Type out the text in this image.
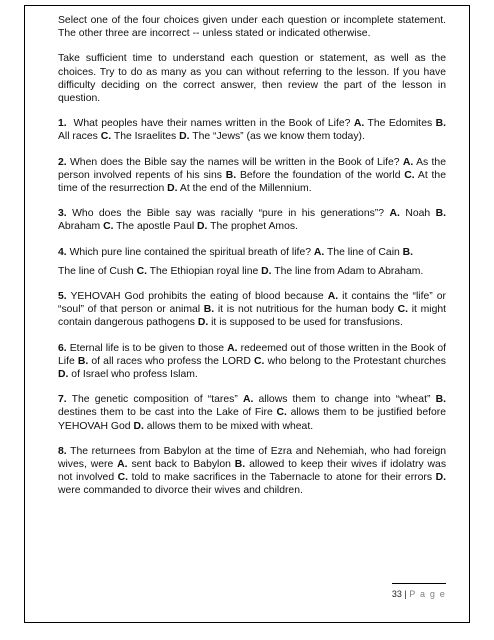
Select one of the four choices given under each question or incomplete statement. The other three are incorrect -- unless stated or indicated otherwise.

Take sufficient time to understand each question or statement, as well as the choices. Try to do as many as you can without referring to the lesson. If you have difficulty deciding on the correct answer, then review the part of the lesson in question.

1. What peoples have their names written in the Book of Life? A. The Edomites B. All races C. The Israelites D. The “Jews” (as we know them today).

2. When does the Bible say the names will be written in the Book of Life? A. As the person involved repents of his sins B. Before the foundation of the world C. At the time of the resurrection D. At the end of the Millennium.

3. Who does the Bible say was racially “pure in his generations”? A. Noah B. Abraham C. The apostle Paul D. The prophet Amos.

4. Which pure line contained the spiritual breath of life? A. The line of Cain B.

The line of Cush C. The Ethiopian royal line D. The line from Adam to Abraham.

5. YEHOVAH God prohibits the eating of blood because A. it contains the “life” or “soul” of that person or animal B. it is not nutritious for the human body C. it might contain dangerous pathogens D. it is supposed to be used for transfusions.

6. Eternal life is to be given to those A. redeemed out of those written in the Book of Life B. of all races who profess the LORD C. who belong to the Protestant churches D. of Israel who profess Islam.

7. The genetic composition of “tares” A. allows them to change into “wheat” B. destines them to be cast into the Lake of Fire C. allows them to be justified before YEHOVAH God D. allows them to be mixed with wheat.

8. The returnees from Babylon at the time of Ezra and Nehemiah, who had foreign wives, were A. sent back to Babylon B. allowed to keep their wives if idolatry was not involved C. told to make sacrifices in the Tabernacle to atone for their errors D. were commanded to divorce their wives and children.

33 | P a g e
